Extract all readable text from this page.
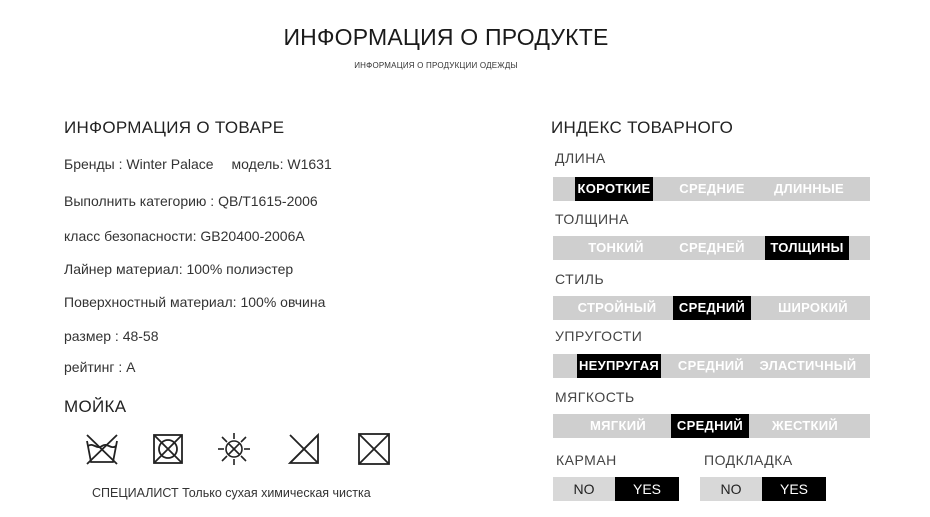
ИНФОРМАЦИЯ О ПРОДУКТЕ
ИНФОРМАЦИЯ О ПРОДУКЦИИ ОДЕЖДЫ
ИНФОРМАЦИЯ О ТОВАРЕ
Бренды : Winter Palace модель: W1631
Выполнить категорию : QB/T1615-2006
класс безопасности: GB20400-2006A
Лайнер материал: 100% полиэстер
Поверхностный материал: 100% овчина
размер : 48-58
рейтинг : A
МОЙКА
СПЕЦИАЛИСТ Только сухая химическая чистка
ИНДЕКС ТОВАРНОГО
ДЛИНА
КОРОТКИЕ	СРЕДНИЕ	ДЛИННЫЕ
ТОЛЩИНА
ТОНКИЙ	СРЕДНЕЙ	ТОЛЩИНЫ
СТИЛЬ
СТРОЙНЫЙ	СРЕДНИЙ	ШИРОКИЙ
УПРУГОСТИ
НЕУПРУГАЯ	СРЕДНИЙ	ЭЛАСТИЧНЫЙ
МЯГКОСТЬ
МЯГКИЙ	СРЕДНИЙ	ЖЕСТКИЙ
КАРМАН
NO	YES
ПОДКЛАДКА
NO	YES
